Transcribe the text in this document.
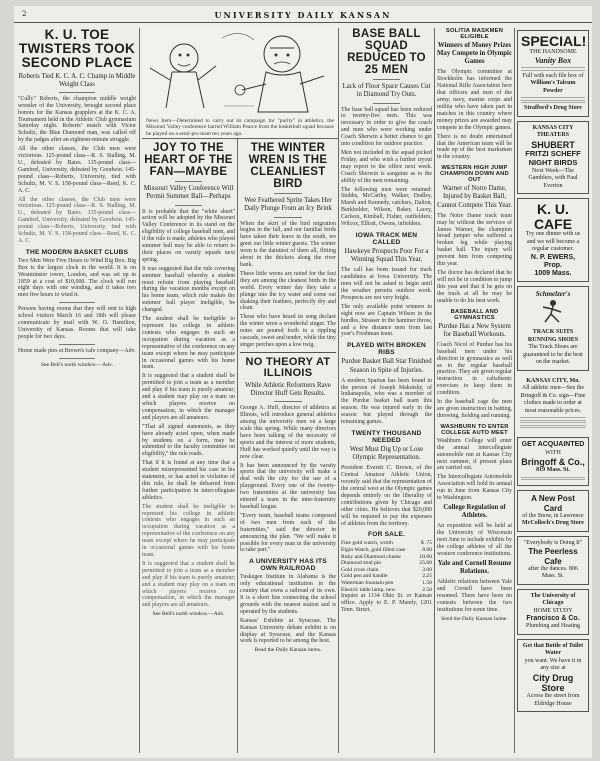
2	UNIVERSITY DAILY KANSAN
K. U. TOE TWISTERS TOOK SECOND PLACE
Roberts Tied K. C. A. C. Champ in Middle Weight Class

"Cully" Roberts, the champion middle weight wrestler of the University, brought second place honors for the Kansas grapplers at the K. C. A. Tournament held in the Athletic Club gymnasium Saturday night. Roberts' match with Victor Schultz, the Blue Diamond man, was called off by the judges after an eighteen-minute struggle.

All the other classes, the Club men were victorious. 125-pound class—R. S. Stalling, M. U., defeated by Bates. 135-pound class—Gambrel, University, defeated by Goodwin. 145-pound class—Roberts, University, tied with Schultz, M. V. S. 158-pound class—Reed, K. C. A. C.

All the other classes, the Club men were victorious. 125-pound class—R. S. Stalling, M. U., defeated by Bates. 135-pound class—Gambrel, University, defeated by Goodwin. 145-pound class—Roberts, University, tied with Schultz, M. V. S. 158-pound class—Reed, K. C. A. C.

THE MODERN BASKET CLUBS

Two Men Were Five Hours to Wind Big Box. Big Box is the largest clock in the world. It is on Westminster tower, London, and was set up in 1859 at a cost of $10,000. The clock will run eight days with one winding, and it takes two men five hours to wind it.

Persons having rooms that they will rent to high school visitors March 16 and 18th will please communicate by mail with W. O. Hamilton, University of Kansas. Rooms that will take people for two days.

Home made pies at Brown's cafe company—Adv.

See Bell's north window.—Adv.

News Item—Determined to carry out its campaign for "purity" in athletics, the Missouri Valley conference barred William Pearce from the basketball squad because he played on a semi-pro team ten years ago.
JOY TO THE HEART OF THE FAN—MAYBE
Missouri Valley Conference Will Permit Summer Ball—Perhaps

It is probable that the "white sheet" action will be adopted by the Missouri Valley Conference in its stand on the eligibility of college baseball men, and if the rule is made, athletes who played summer ball may be able to return to their places on varsity squads next spring.

It was suggested that the rule covering summer baseball whereby a student must refrain from playing baseball during the vacation months except on his home team, which rule makes the summer ball player ineligible, be changed.

The student shall be ineligible to represent his college in athletic contests who engages in such an occupation during vacation as a representative of the conference on any team except where he may participate in occasional games with his home team.

It is suggested that a student shall be permitted to join a team as a member and play if his team is purely amateur; and a student may play on a team on which players receive no compensation, in which the manager and players are all amateurs.

"That all signed statements, as they have already acted upon, when made by students on a form, may be submitted to the faculty committee on eligibility," the rule reads.

That if it is found at any time that a student misrepresented his case in his statement, or has acted in violation of this rule, he shall be debarred from further participation in intercollegiate athletics.

The student shall be ineligible to represent his college in athletic contests who engages in such an occupation during vacation as a representative of the conference on any team except where he may participate in occasional games with his home team.

It is suggested that a student shall be permitted to join a team as a member and play if his team is purely amateur; and a student may play on a team on which players receive no compensation, in which the manager and players are all amateurs.

See Bell's north window.—Adv.

THE WINTER WREN IS THE CLEANLIEST BIRD
Wee Feathered Sprite Takes Her Daily Plunge From an Icy Brink

When the skirt of the bird migration begins in the fall, and our familiar birds have taken their leave in the south, we greet our little winter guests. The winter wren is the daintiest of them all, flitting about in the thickets along the river bank.

These little wrens are noted for the fact they are among the cleanest birds in the world. Every winter day they take a plunge into the icy water and come out shaking their feathers, perfectly dry and clean.

Those who have heard its song declare the winter wren a wonderful singer. The notes are poured forth in a rippling cascade, sweet and tender, while the tiny singer perches upon a low twig.

NO THEORY AT ILLINOIS
While Athletic Reformers Rave Director Huff Gets Results.

George A. Huff, director of athletics at Illinois, will introduce general athletics among the university men on a large scale this spring. While many directors have been talking of the necessity of sports and the interest of more students, Huff has worked quietly until the way is now clear.

It has been announced by the varsity sports that the university will make a deal with the city for the use of a playground. Every one of the twenty-two fraternities at the university has entered a team in the inter-fraternity baseball league.

"Every team, baseball teams composed of two men from each of the fraternities," said the director in announcing the plan. "We will make it possible for every man in the university to take part."

A UNIVERSITY HAS ITS OWN RAILROAD

Tuskegee Institute in Alabama is the only educational institution in the country that owns a railroad of its own. It is a short line connecting the school grounds with the nearest station and is operated by the students.

Kansas' Exhibits at Syracuse. The Kansas University debate exhibit is on display at Syracuse, and the Kansas work is reported to be among the best.

Read the Daily Kansan items.

BASE BALL SQUAD REDUCED TO 25 MEN
Lack of Floor Space Causes Cut in Diamond Try Outs.

The base ball squad has been reduced to twenty-five men. This was necessary in order to give the coach and men who were working under Coach Sherwin a better chance to get into condition for outdoor practice.

Men not included in the squad picked Friday, and who wish a further tryout may report to the office next week. Coach Sherwin is sanguine as to the ability of the men remaining.

The following men were retained: Stubbs, McCarthy, Walker, Dudley, Marsh and Kennedy, catchers, Dalton, Burkholder, Wilson, Baker, Lacey, Carlson, Kimball, Fisher, outfielders; Wilcox, Elliott, Owens, infielders.

IOWA TRACK MEN CALLED
Hawkeye Prospects Poor For a Winning Squad This Year.

The call has been issued for track candidates at Iowa University. The men will not be asked to begin until the weather permits outdoor work. Prospects are not very bright.

The only available point winners in sight now are Captain Wilson in the hurdles, Strasser in the hammer throw, and a few distance men from last year's Freshman team.

PLAYED WITH BROKEN RIBS
Purdue Basket Ball Star Finished Season in Spite of Injuries.

A modern Spartan has been found in the person of Joseph Makutsky, of Indianapolis, who was a member of the Purdue basket ball team this season. He was injured early in the season but played through the remaining games.

TWENTY THOUSAND NEEDED
West Must Dig Up or Lose Olympic Representation.

President Everett C. Brown, of the Central Amateur Athletic Union, recently said that the representation of the central west at the Olympic games depends entirely on the liberality of contributions given by Chicago and other cities. He believes that $20,000 will be required to pay the expenses of athletes from the territory.

FOR SALE.
Fine gold watch, worth	$ .75
Elgin Watch, gold filled case	8.00
Ruby and Diamond cluster	10.00
Diamond stud pin	25.00
Gold cross chain	3.00
Gold pen and handle	2.25
Waterman fountain pen	1.50
Electric table lamp, new	2.50

Inquire at 1134 Ohio St. or Kansan office. Apply to E. P. Mundy, 1201 Tenn. Street.

SOLITIA MASKMEN ELIGIBLE
Winners of Money Prizes May Compete in Olympic Games

The Olympic committee at Stockholm has informed the National Rifle Association here that officers and men of the army, navy, marine corps and militia who have taken part in matches in this country where money prizes are awarded may compete in the Olympic games.

There is no doubt entertained that the American team will be made up of the best marksmen in the country.

WESTERN HIGH JUMP CHAMPION DOWN AND OUT
Warner of Notre Dame, Injured by Basket Ball, Cannot Compete This Year.

The Notre Dame track team may be without the services of James Warner, the champion broad jumper who suffered a broken leg while playing basket ball. The injury will prevent him from competing this year.

The doctor has declared that he will not be in condition to jump this year and that if he gets on the track at all he may be unable to do his best work.

BASEBALL AND GYMNASTICS
Purdue Has a New System for Baseball Workouts.

Coach Nicol of Purdue has his baseball men under his direction in gymnastics as well as in the regular baseball practice. They are given regular instruction in calisthenic exercises to keep them in condition.

In the baseball cage the men are given instruction in batting, throwing, fielding and running.

WASHBURN TO ENTER COLLEGE AUTO MEET

Washburn College will enter the annual intercollegiate automobile run at Kansas City next summer, if present plans are carried out.

The Intercollegiate Automobile Association will hold its annual run in June from Kansas City to Washington.

College Regulation of Athletes.

An exposition will be held at the University of Wisconsin next June to include exhibits by the college athletes of all the western conference institutions.

Yale and Cornell Resume Relations.

Athletic relations between Yale and Cornell have been resumed. There have been no contests between the two institutions for some time.

Send the Daily Kansan home.

SPECIAL!
THE HANDSOME
Vanity Box
Full with each file box of
William's Talcum Powder
Strafford's Drug Store
KANSAS CITY THEATERS
SHUBERT
FRITZI SCHEFF
NIGHT BIRDS
Next Week—The Gamblers, with Paul Everton
K. U. CAFE
Try one dinner with us and we will become a regular customer.
N. P. EWERS, Prop.
1009 Mass.
Schmelzer's
TRACK SUITS
RUNNING SHOES
The Track Shoes are guaranteed to be the best on the market.
KANSAS CITY, Mo.
All athletic men—See the Bringoff & Co. sign—Fine clothes made to order at most reasonable prices.
GET ACQUAINTED
WITH
Bringoff & Co.,
819 Mass. St.
A New Post Card
of the Snow, in Lawrence
McColloch's Drug Store
"Everybody is Doing It"
The Peerless Cafe
after the dances. 806 Mass. St.
The University of Chicago
HOME STUDY
Francisco & Co.
Plumbing and Heating
Get that Bottle of Toilet Water
you want. We have it in any size at
City Drug Store
Across the street from Eldridge House
